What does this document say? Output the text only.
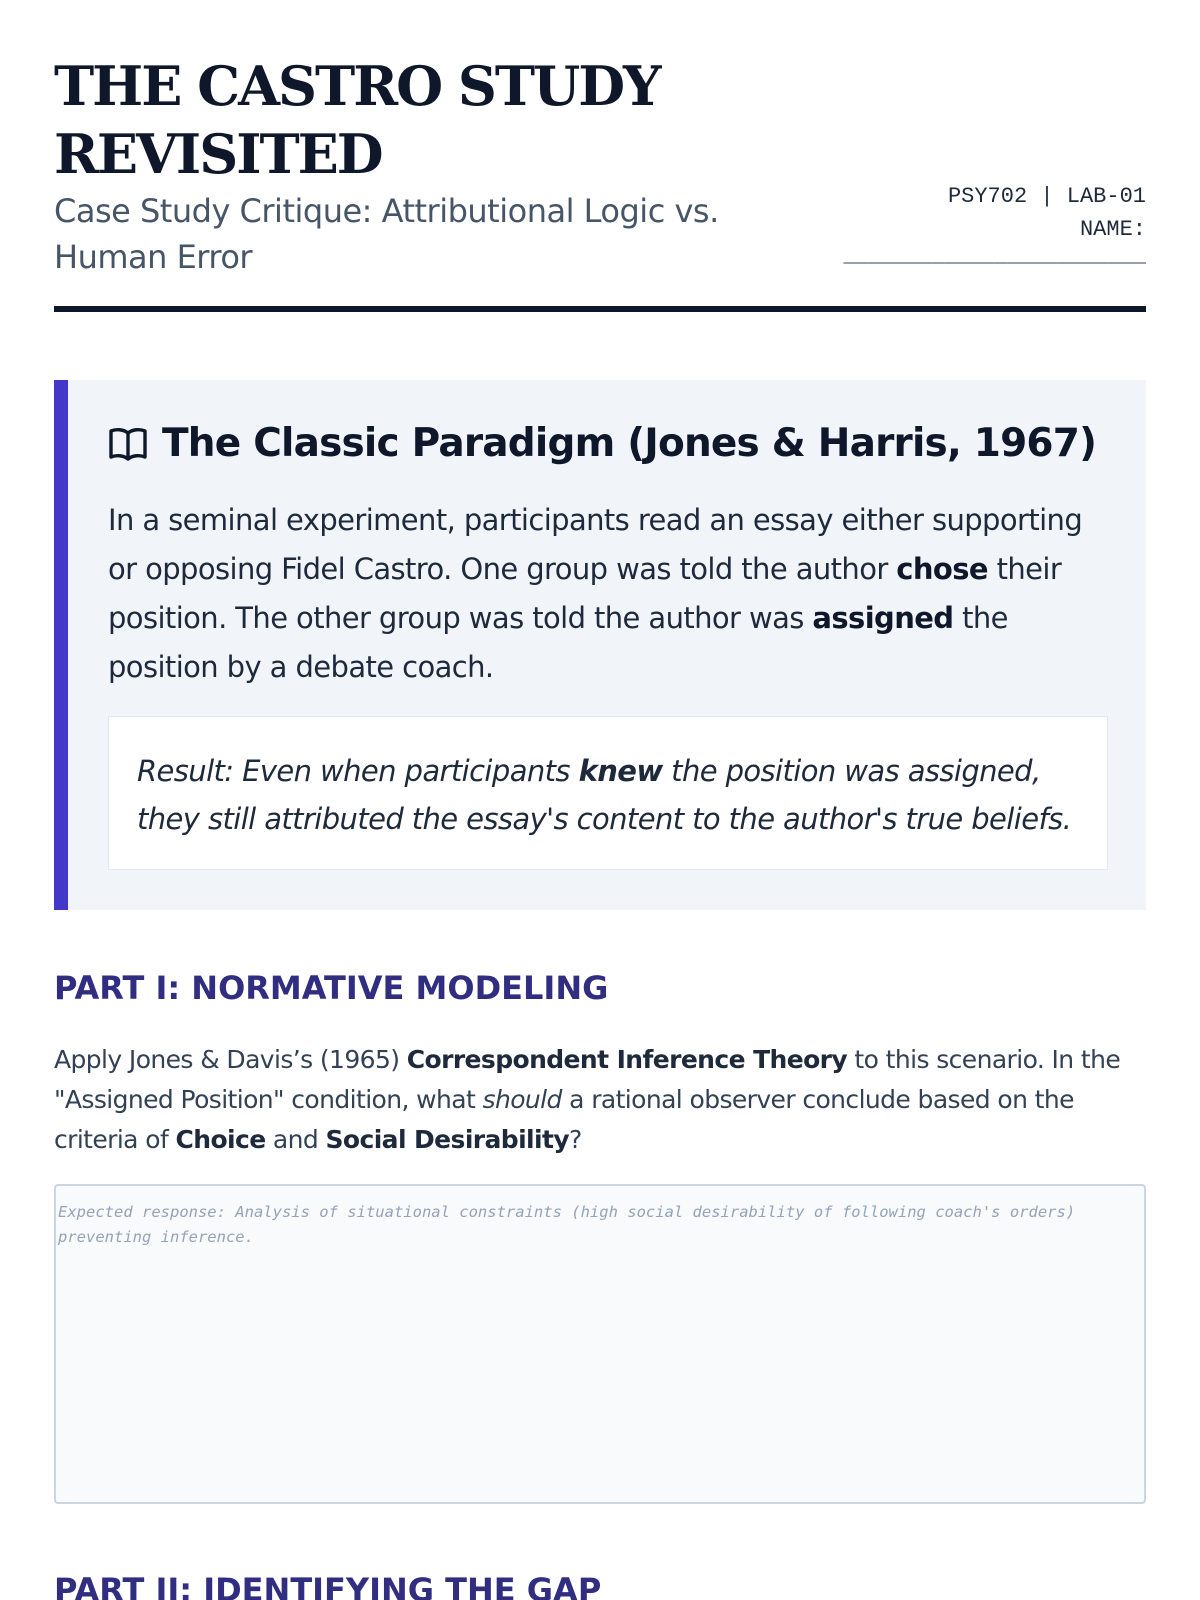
THE CASTRO STUDY REVISITED

Case Study Critique: Attributional Logic vs. Human Error

PSY702 | LAB-01
NAME:
________________________
The Classic Paradigm (Jones & Harris, 1967)

In a seminal experiment, participants read an essay either supporting or opposing Fidel Castro. One group was told the author chose their position. The other group was told the author was assigned the position by a debate coach.

Result: Even when participants knew the position was assigned, they still attributed the essay's content to the author's true beliefs.

PART I: NORMATIVE MODELING

Apply Jones & Davis’s (1965) Correspondent Inference Theory to this scenario. In the "Assigned Position" condition, what should a rational observer conclude based on the criteria of Choice and Social Desirability?

Expected response: Analysis of situational constraints (high social desirability of following coach's orders) preventing inference.
PART II: IDENTIFYING THE GAP
